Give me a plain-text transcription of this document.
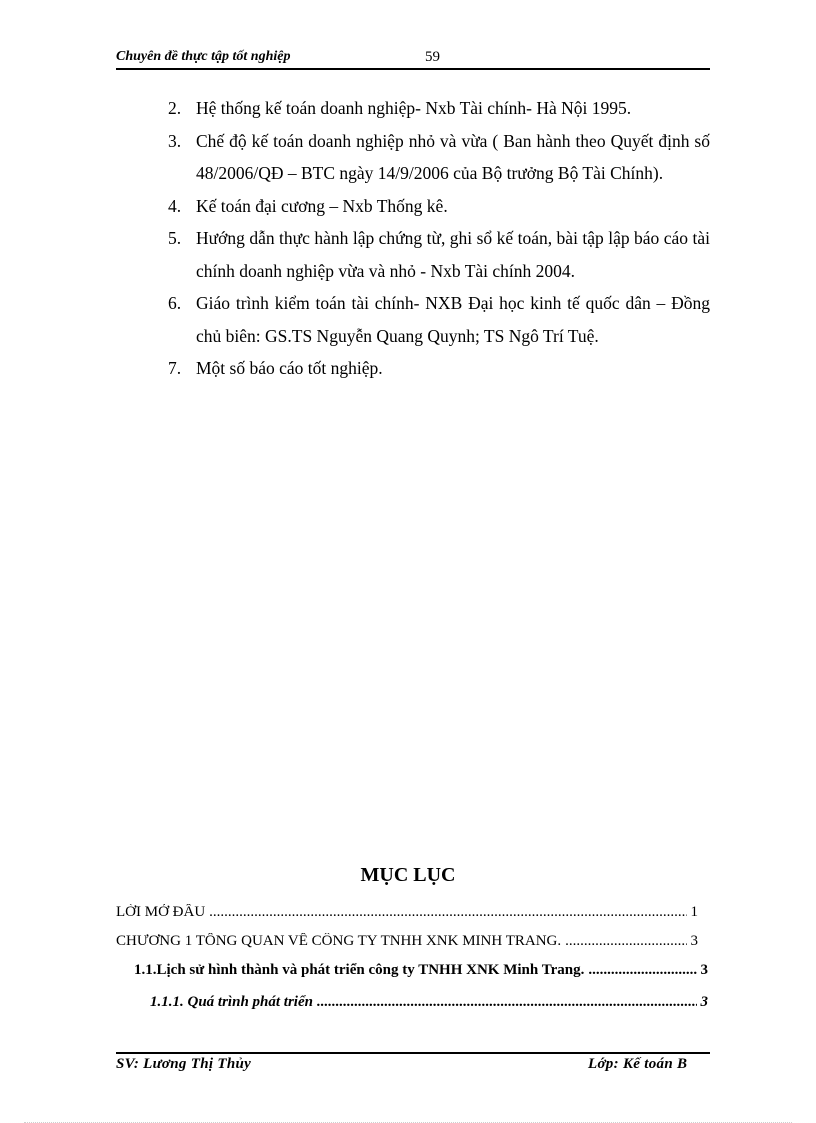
Chuyên đề thực tập tốt nghiệp	59
2. Hệ thống kế toán doanh nghiệp- Nxb Tài chính- Hà Nội 1995.
3. Chế độ kế toán doanh nghiệp nhỏ và vừa ( Ban hành theo Quyết định số 48/2006/QĐ – BTC ngày 14/9/2006 của Bộ trưởng Bộ Tài Chính).
4. Kế toán đại cương – Nxb Thống kê.
5. Hướng dẫn thực hành lập chứng từ, ghi sổ kế toán, bài tập lập báo cáo tài chính doanh nghiệp vừa và nhỏ - Nxb Tài chính 2004.
6. Giáo trình kiểm toán tài chính- NXB Đại học kinh tế quốc dân – Đồng chủ biên: GS.TS Nguyễn Quang Quynh; TS Ngô Trí Tuệ.
7. Một số báo cáo tốt nghiệp.
MỤC LỤC
LỜI MỞ ĐẦU .....	1
CHƯƠNG 1 TỔNG QUAN VỀ CÔNG TY TNHH XNK MINH TRANG. .....	3
1.1.Lịch sử hình thành và phát triển công ty TNHH XNK Minh Trang. .....	3
1.1.1. Quá trình phát triển .....	3
SV: Lương Thị Thủy	Lớp: Kế toán B
